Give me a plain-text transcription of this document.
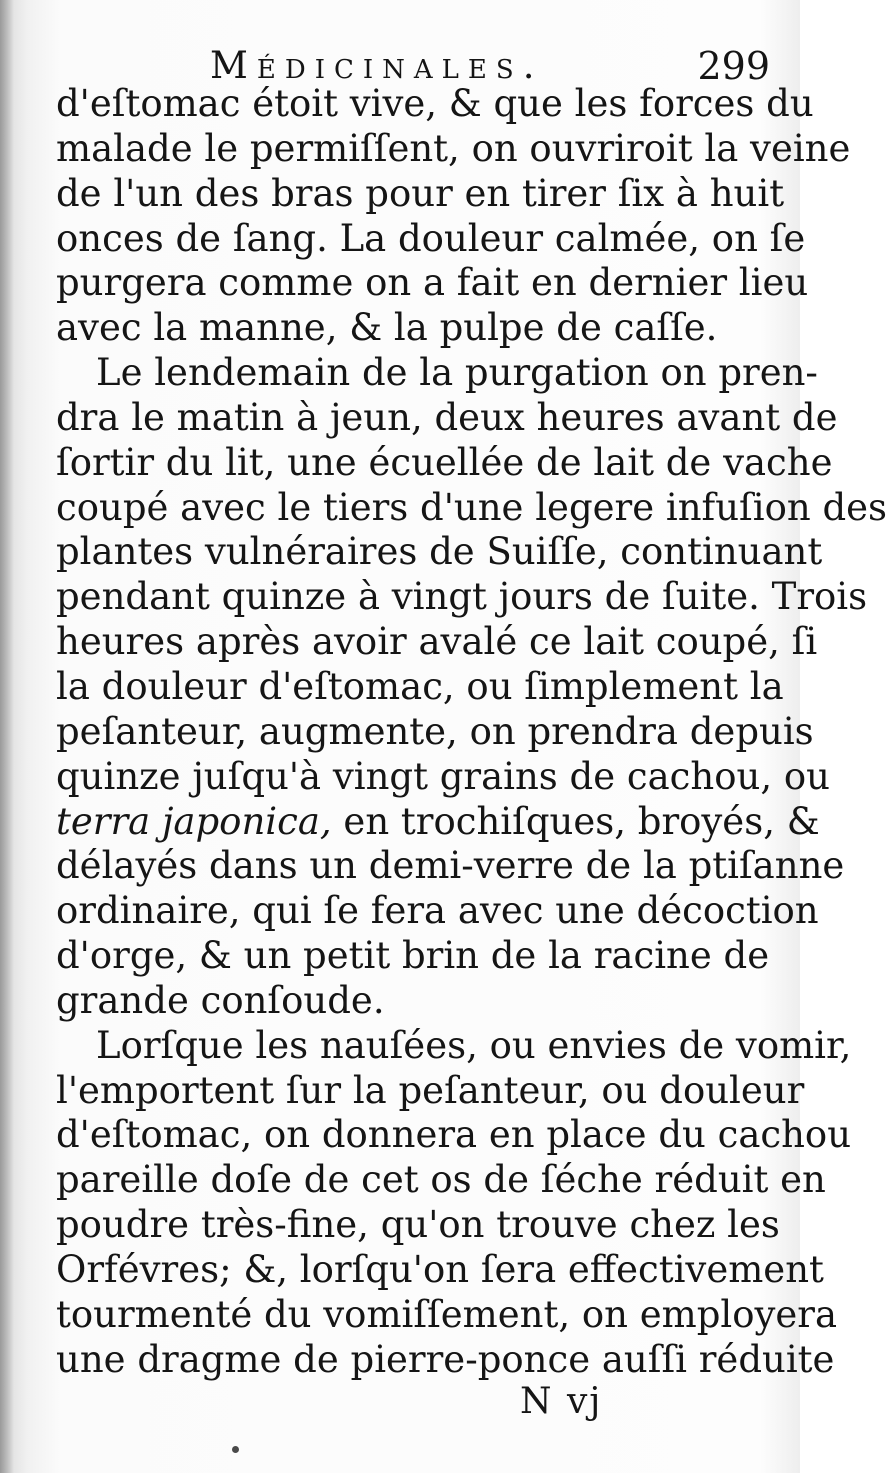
Médicinales.	299
d'eſtomac étoit vive, & que les forces du
malade le permiſſent, on ouvriroit la veine
de l'un des bras pour en tirer ſix à huit
onces de ſang. La douleur calmée, on ſe
purgera comme on a fait en dernier lieu
avec la manne, & la pulpe de caſſe.
Le lendemain de la purgation on pren-
dra le matin à jeun, deux heures avant de
ſortir du lit, une écuellée de lait de vache
coupé avec le tiers d'une legere infuſion des
plantes vulnéraires de Suiſſe, continuant
pendant quinze à vingt jours de ſuite. Trois
heures après avoir avalé ce lait coupé, ſi
la douleur d'eſtomac, ou ſimplement la
peſanteur, augmente, on prendra depuis
quinze juſqu'à vingt grains de cachou, ou
terra japonica, en trochiſques, broyés, &
délayés dans un demi-verre de la ptiſanne
ordinaire, qui ſe fera avec une décoction
d'orge, & un petit brin de la racine de
grande conſoude.
Lorſque les nauſées, ou envies de vomir,
l'emportent ſur la peſanteur, ou douleur
d'eſtomac, on donnera en place du cachou
pareille doſe de cet os de ſéche réduit en
poudre très-fine, qu'on trouve chez les
Orfévres; &, lorſqu'on ſera effectivement
tourmenté du vomiſſement, on employera
une dragme de pierre-ponce auſſi réduite
N vj
